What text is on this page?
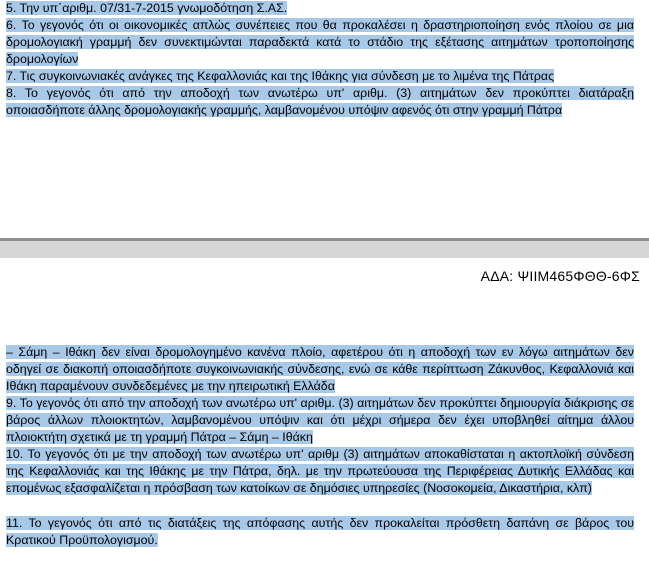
5. Την υπ΄αριθμ. 07/31-7-2015 γνωμοδότηση Σ.ΑΣ.

6. Το γεγονός ότι οι οικονομικές απλώς συνέπειες που θα προκαλέσει η δραστηριοποίηση ενός πλοίου σε μια δρομολογιακή γραμμή δεν συνεκτιμώνται παραδεκτά κατά το στάδιο της εξέτασης αιτημάτων τροποποίησης δρομολογίων

7. Τις συγκοινωνιακές ανάγκες της Κεφαλλονιάς και της Ιθάκης για σύνδεση με το λιμένα της Πάτρας

8. Το γεγονός ότι από την αποδοχή των ανωτέρω υπ' αριθμ. (3) αιτημάτων δεν προκύπτει διατάραξη οποιασδήποτε άλλης δρομολογιακής γραμμής, λαμβανομένου υπόψιν αφενός ότι στην γραμμή Πάτρα

ΑΔΑ: ΨΙΙΜ465ΦΘΘ-6ΦΣ

– Σάμη – Ιθάκη δεν είναι δρομολογημένο κανένα πλοίο, αφετέρου ότι η αποδοχή των εν λόγω αιτημάτων δεν οδηγεί σε διακοπή οποιασδήποτε συγκοινωνιακής σύνδεσης, ενώ σε κάθε περίπτωση Ζάκυνθος, Κεφαλλονιά και Ιθάκη παραμένουν συνδεδεμένες με την ηπειρωτική Ελλάδα

9. Το γεγονός ότι από την αποδοχή των ανωτέρω υπ' αριθμ. (3) αιτημάτων δεν προκύπτει δημιουργία διάκρισης σε βάρος άλλων πλοιοκτητών, λαμβανομένου υπόψιν και ότι μέχρι σήμερα δεν έχει υποβληθεί αίτημα άλλου πλοιοκτήτη σχετικά με τη γραμμή Πάτρα – Σάμη – Ιθάκη

10. Το γεγονός ότι με την αποδοχή των ανωτέρω υπ' αριθμ (3) αιτημάτων αποκαθίσταται η ακτοπλοϊκή σύνδεση της Κεφαλλονιάς και της Ιθάκης με την Πάτρα, δηλ. με την πρωτεύουσα της Περιφέρειας Δυτικής Ελλάδας και επομένως εξασφαλίζεται η πρόσβαση των κατοίκων σε δημόσιες υπηρεσίες (Νοσοκομεία, Δικαστήρια, κλπ)

11. Το γεγονός ότι από τις διατάξεις της απόφασης αυτής δεν προκαλείται πρόσθετη δαπάνη σε βάρος του Κρατικού Προϋπολογισμού.
